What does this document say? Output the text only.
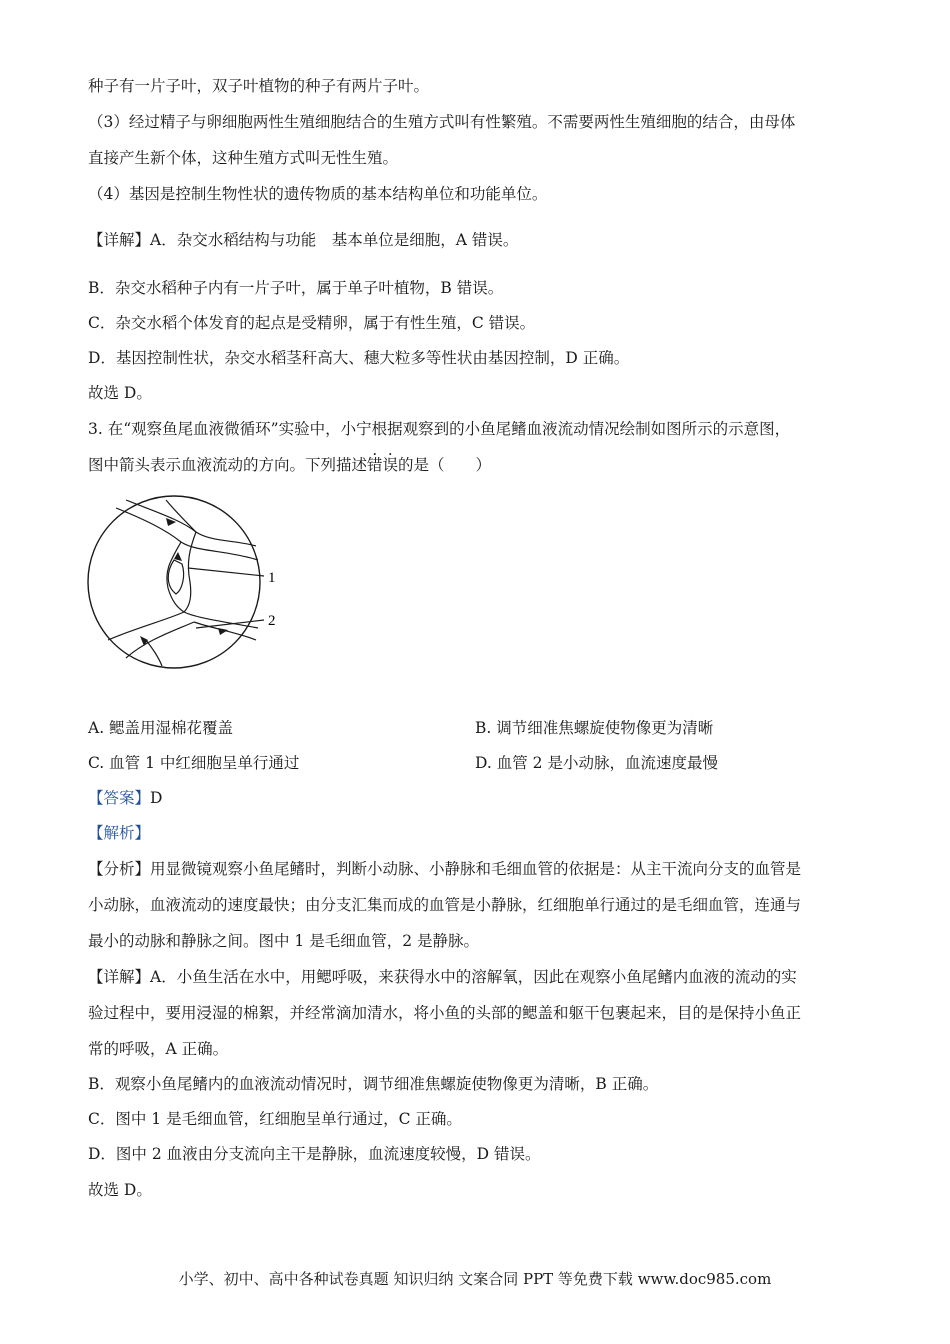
种子有一片子叶，双子叶植物的种子有两片子叶。
（3）经过精子与卵细胞两性生殖细胞结合的生殖方式叫有性繁殖。不需要两性生殖细胞的结合，由母体
直接产生新个体，这种生殖方式叫无性生殖。
（4）基因是控制生物性状的遗传物质的基本结构单位和功能单位。
【详解】A．杂交水稻结构与功能　基本单位是细胞，A 错误。
B．杂交水稻种子内有一片子叶，属于单子叶植物，B 错误。
C．杂交水稻个体发育的起点是受精卵，属于有性生殖，C 错误。
D．基因控制性状，杂交水稻茎秆高大、穗大粒多等性状由基因控制，D 正确。
故选 D。
3. 在“观察鱼尾血液微循环”实验中，小宁根据观察到的小鱼尾鳍血液流动情况绘制如图所示的示意图，
图中箭头表示血液流动的方向。下列描述错误的是（　　）
1
2
A. 鳃盖用湿棉花覆盖	B. 调节细准焦螺旋使物像更为清晰
C. 血管 1 中红细胞呈单行通过	D. 血管 2 是小动脉，血流速度最慢
【答案】D
【解析】
【分析】用显微镜观察小鱼尾鳍时，判断小动脉、小静脉和毛细血管的依据是：从主干流向分支的血管是
小动脉，血液流动的速度最快；由分支汇集而成的血管是小静脉，红细胞单行通过的是毛细血管，连通与
最小的动脉和静脉之间。图中 1 是毛细血管，2 是静脉。
【详解】A．小鱼生活在水中，用鳃呼吸，来获得水中的溶解氧，因此在观察小鱼尾鳍内血液的流动的实
验过程中，要用浸湿的棉絮，并经常滴加清水，将小鱼的头部的鳃盖和躯干包裹起来，目的是保持小鱼正
常的呼吸，A 正确。
B．观察小鱼尾鳍内的血液流动情况时，调节细准焦螺旋使物像更为清晰，B 正确。
C．图中 1 是毛细血管，红细胞呈单行通过，C 正确。
D．图中 2 血液由分支流向主干是静脉，血流速度较慢，D 错误。
故选 D。
小学、初中、高中各种试卷真题 知识归纳 文案合同 PPT 等免费下载 www.doc985.com
